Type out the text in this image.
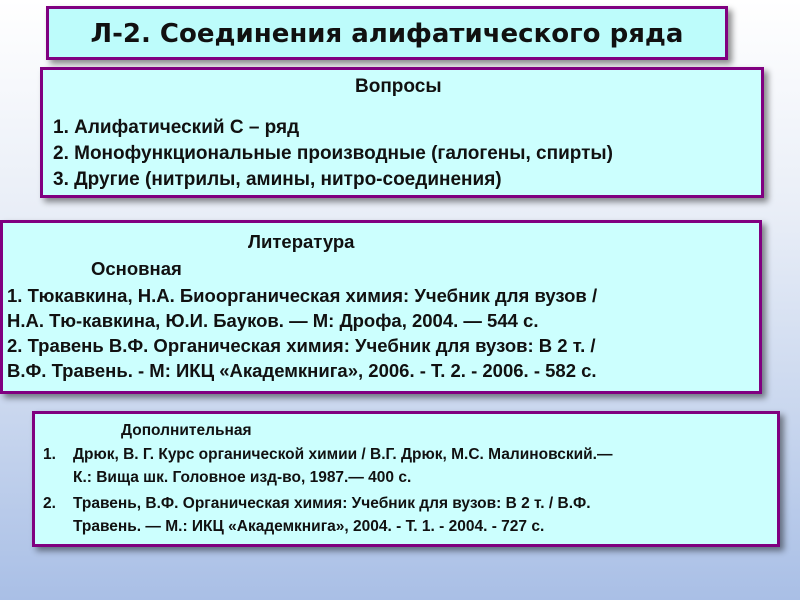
Л-2. Соединения алифатического ряда
Вопросы
1. Алифатический С – ряд
2. Монофункциональные производные (галогены, спирты)
3. Другие (нитрилы, амины, нитро-соединения)
Литература
Основная
1. Тюкавкина, Н.А. Биоорганическая химия: Учебник для вузов /
Н.А. Тю-кавкина, Ю.И. Бауков. — М: Дрофа, 2004. — 544 с.
2. Травень В.Ф. Органическая химия: Учебник для вузов: В 2 т. /
В.Ф. Травень. - М: ИКЦ «Академкнига», 2006. - Т. 2. - 2006. - 582 с.
Дополнительная
1. Дрюк, В. Г. Курс органической химии / В.Г. Дрюк, М.С. Малиновский.—
К.: Вища шк. Головное изд-во, 1987.— 400 с.
2. Травень, В.Ф. Органическая химия: Учебник для вузов: В 2 т. / В.Ф.
Травень. — М.: ИКЦ «Академкнига», 2004. - Т. 1. - 2004. - 727 с.
